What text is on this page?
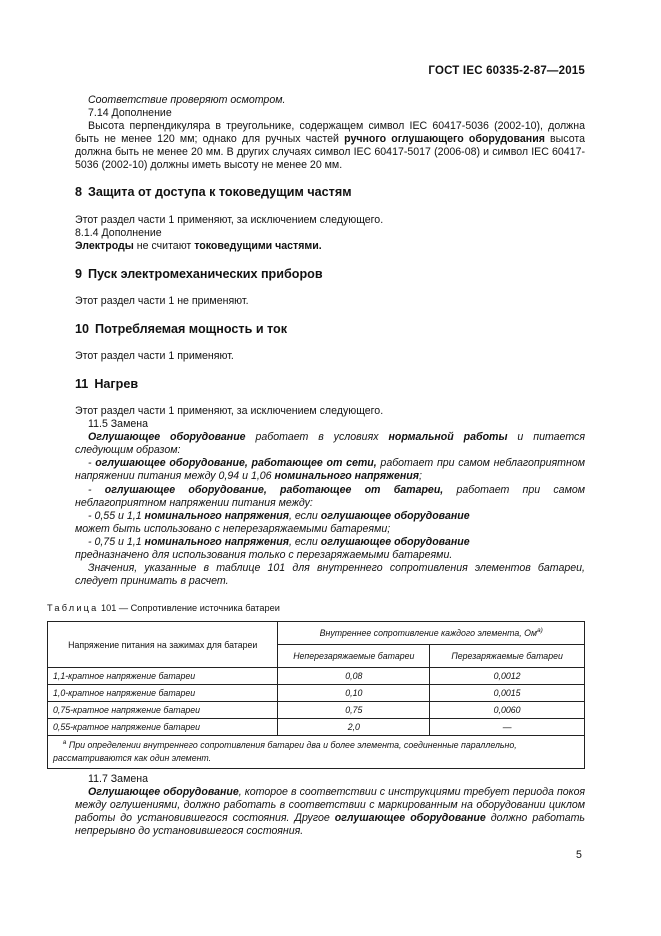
ГОСТ IEC 60335-2-87—2015

Соответствие проверяют осмотром.

7.14 Дополнение

Высота перпендикуляра в треугольнике, содержащем символ IEC 60417-5036 (2002-10), должна быть не менее 120 мм; однако для ручных частей ручного оглушающего оборудования высота должна быть не менее 20 мм. В других случаях символ IEC 60417-5017 (2006-08) и символ IEC 60417-5036 (2002-10) должны иметь высоту не менее 20 мм.

8 Защита от доступа к токоведущим частям

Этот раздел части 1 применяют, за исключением следующего.

8.1.4 Дополнение

Электроды не считают токоведущими частями.

9 Пуск электромеханических приборов

Этот раздел части 1 не применяют.

10 Потребляемая мощность и ток

Этот раздел части 1 применяют.

11 Нагрев

Этот раздел части 1 применяют, за исключением следующего.

11.5 Замена

Оглушающее оборудование работает в условиях нормальной работы и питается следующим образом:

- оглушающее оборудование, работающее от сети, работает при самом неблагоприятном напряжении питания между 0,94 и 1,06 номинального напряжения;

- оглушающее оборудование, работающее от батареи, работает при самом неблагоприятном напряжении питания между:

- 0,55 и 1,1 номинального напряжения, если оглушающее оборудование
может быть использовано с неперезаряжаемыми батареями;

- 0,75 и 1,1 номинального напряжения, если оглушающее оборудование
предназначено для использования только с перезаряжаемыми батареями.

Значения, указанные в таблице 101 для внутреннего сопротивления элементов батареи, следует принимать в расчет.

Таблица 101 — Сопротивление источника батареи
Напряжение питания на зажимах для батареи	Внутреннее сопротивление каждого элемента, $Ом^{a)}$
	Неперезаряжаемые батареи	Перезаряжаемые батареи
1,1-кратное напряжение батареи	0,08	0,0012
1,0-кратное напряжение батареи	0,10	0,0015
0,75-кратное напряжение батареи	0,75	0,0060
0,55-кратное напряжение батареи	2,0	—
$^a$ При определении внутреннего сопротивления батареи два и более элемента, соединенные параллельно, рассматриваются как один элемент.		

11.7 Замена

Оглушающее оборудование, которое в соответствии с инструкциями требует периода покоя между оглушениями, должно работать в соответствии с маркированным на оборудовании циклом работы до установившегося состояния. Другое оглушающее оборудование должно работать непрерывно до установившегося состояния.

5
